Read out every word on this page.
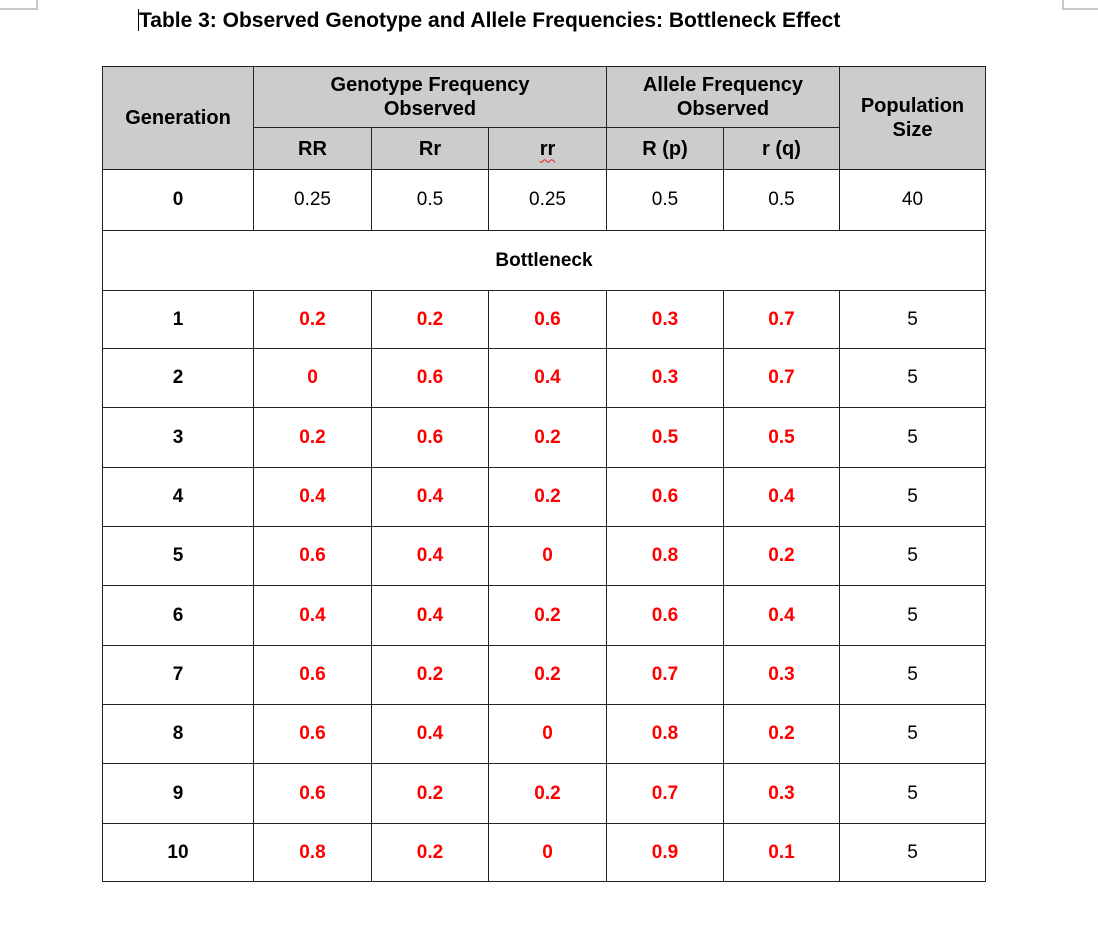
Table 3: Observed Genotype and Allele Frequencies: Bottleneck Effect
Generation	Genotype Frequency Observed			Allele Frequency Observed		Population Size
	RR	Rr	rr	R (p)	r (q)	
0	0.25	0.5	0.25	0.5	0.5	40
Bottleneck						
1	0.2	0.2	0.6	0.3	0.7	5
2	0	0.6	0.4	0.3	0.7	5
3	0.2	0.6	0.2	0.5	0.5	5
4	0.4	0.4	0.2	0.6	0.4	5
5	0.6	0.4	0	0.8	0.2	5
6	0.4	0.4	0.2	0.6	0.4	5
7	0.6	0.2	0.2	0.7	0.3	5
8	0.6	0.4	0	0.8	0.2	5
9	0.6	0.2	0.2	0.7	0.3	5
10	0.8	0.2	0	0.9	0.1	5
